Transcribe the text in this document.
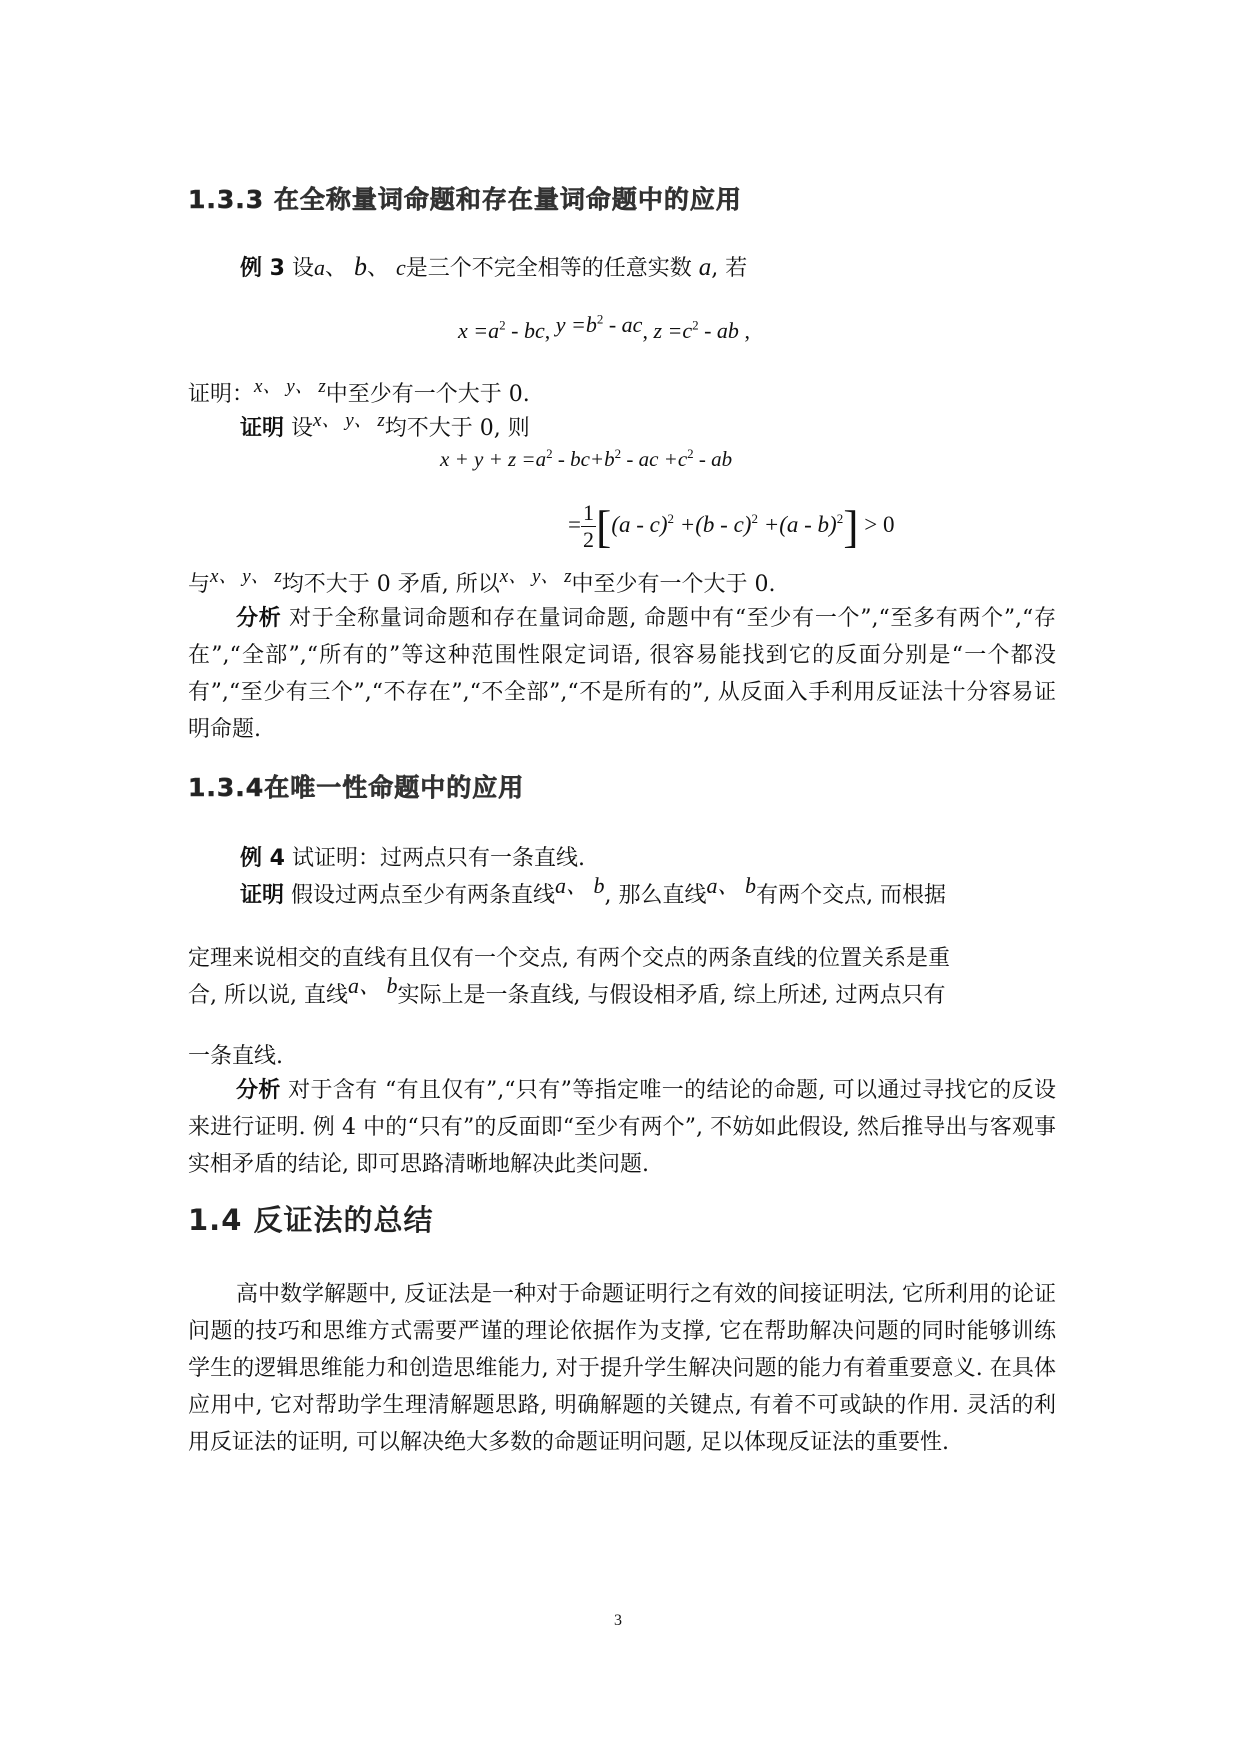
1.3.3 在全称量词命题和存在量词命题中的应用
例 3 设a、 b、 c是三个不完全相等的任意实数 a, 若
$x =a^2$ - bc, $y =b^2$ - ac, $z =c^2$ - ab ,
证明：x、 y、 z中至少有一个大于 0.
证明 设x、 y、 z均不大于 0, 则
$x + y + z =a^2 - bc+b^2$ - ac $+c^2$ - ab
= $\frac{1}{2} [(a - c)^2 +(b - c)^2 +(a - b)^2] > 0$
与x、 y、 z均不大于 0 矛盾, 所以x、 y、 z中至少有一个大于 0.
分析 对于全称量词命题和存在量词命题, 命题中有“至少有一个”,“至多有两个”,“存在”,“全部”,“所有的”等这种范围性限定词语, 很容易能找到它的反面分别是“一个都没有”,“至少有三个”,“不存在”,“不全部”,“不是所有的”, 从反面入手利用反证法十分容易证明命题.
1.3.4在唯一性命题中的应用
例 4 试证明：过两点只有一条直线.
证明 假设过两点至少有两条直线a、 b, 那么直线a、 b有两个交点, 而根据
定理来说相交的直线有且仅有一个交点, 有两个交点的两条直线的位置关系是重
合, 所以说, 直线a、 b实际上是一条直线, 与假设相矛盾, 综上所述, 过两点只有
一条直线.
分析 对于含有 “有且仅有”,“只有”等指定唯一的结论的命题, 可以通过寻找它的反设来进行证明. 例 4 中的“只有”的反面即“至少有两个”, 不妨如此假设, 然后推导出与客观事实相矛盾的结论, 即可思路清晰地解决此类问题.
1.4 反证法的总结
高中数学解题中, 反证法是一种对于命题证明行之有效的间接证明法, 它所利用的论证问题的技巧和思维方式需要严谨的理论依据作为支撑, 它在帮助解决问题的同时能够训练学生的逻辑思维能力和创造思维能力, 对于提升学生解决问题的能力有着重要意义. 在具体应用中, 它对帮助学生理清解题思路, 明确解题的关键点, 有着不可或缺的作用. 灵活的利用反证法的证明, 可以解决绝大多数的命题证明问题, 足以体现反证法的重要性.
3
